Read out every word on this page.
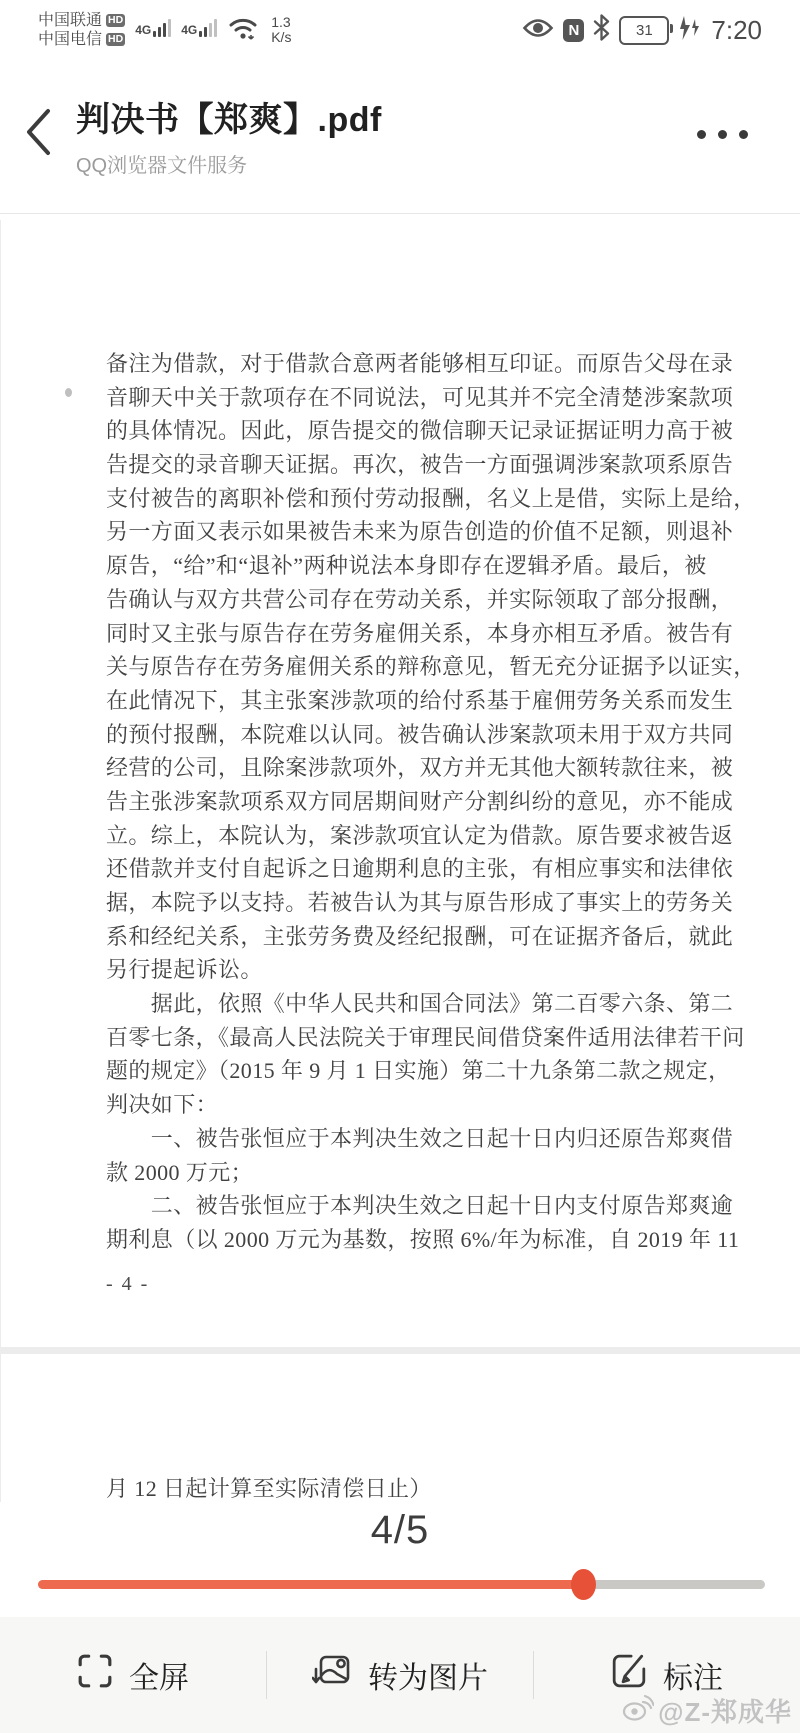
中国联通 HD
中国电信 HD
4G	4G	1.3
K/s	N	31 7:20
判决书【郑爽】.pdf
QQ浏览器文件服务
备注为借款，对于借款合意两者能够相互印证。而原告父母在录
音聊天中关于款项存在不同说法，可见其并不完全清楚涉案款项
的具体情况。因此，原告提交的微信聊天记录证据证明力高于被
告提交的录音聊天证据。再次，被告一方面强调涉案款项系原告
支付被告的离职补偿和预付劳动报酬，名义上是借，实际上是给，
另一方面又表示如果被告未来为原告创造的价值不足额，则退补
原告，“给”和“退补”两种说法本身即存在逻辑矛盾。最后，被
告确认与双方共营公司存在劳动关系，并实际领取了部分报酬，
同时又主张与原告存在劳务雇佣关系，本身亦相互矛盾。被告有
关与原告存在劳务雇佣关系的辩称意见，暂无充分证据予以证实，
在此情况下，其主张案涉款项的给付系基于雇佣劳务关系而发生
的预付报酬，本院难以认同。被告确认涉案款项未用于双方共同
经营的公司，且除案涉款项外，双方并无其他大额转款往来，被
告主张涉案款项系双方同居期间财产分割纠纷的意见，亦不能成
立。综上，本院认为，案涉款项宜认定为借款。原告要求被告返
还借款并支付自起诉之日逾期利息的主张，有相应事实和法律依
据，本院予以支持。若被告认为其与原告形成了事实上的劳务关
系和经纪关系，主张劳务费及经纪报酬，可在证据齐备后，就此
另行提起诉讼。
　　据此，依照《中华人民共和国合同法》第二百零六条、第二
百零七条，《最高人民法院关于审理民间借贷案件适用法律若干问
题的规定》（2015 年 9 月 1 日实施）第二十九条第二款之规定，
判决如下：
　　一、被告张恒应于本判决生效之日起十日内归还原告郑爽借
款 2000 万元；
　　二、被告张恒应于本判决生效之日起十日内支付原告郑爽逾
期利息（以 2000 万元为基数，按照 6%/年为标准，自 2019 年 11
- 4 -
月 12 日起计算至实际清偿日止）
4/5
全屏	转为图片	标注
@Z-郑成华
